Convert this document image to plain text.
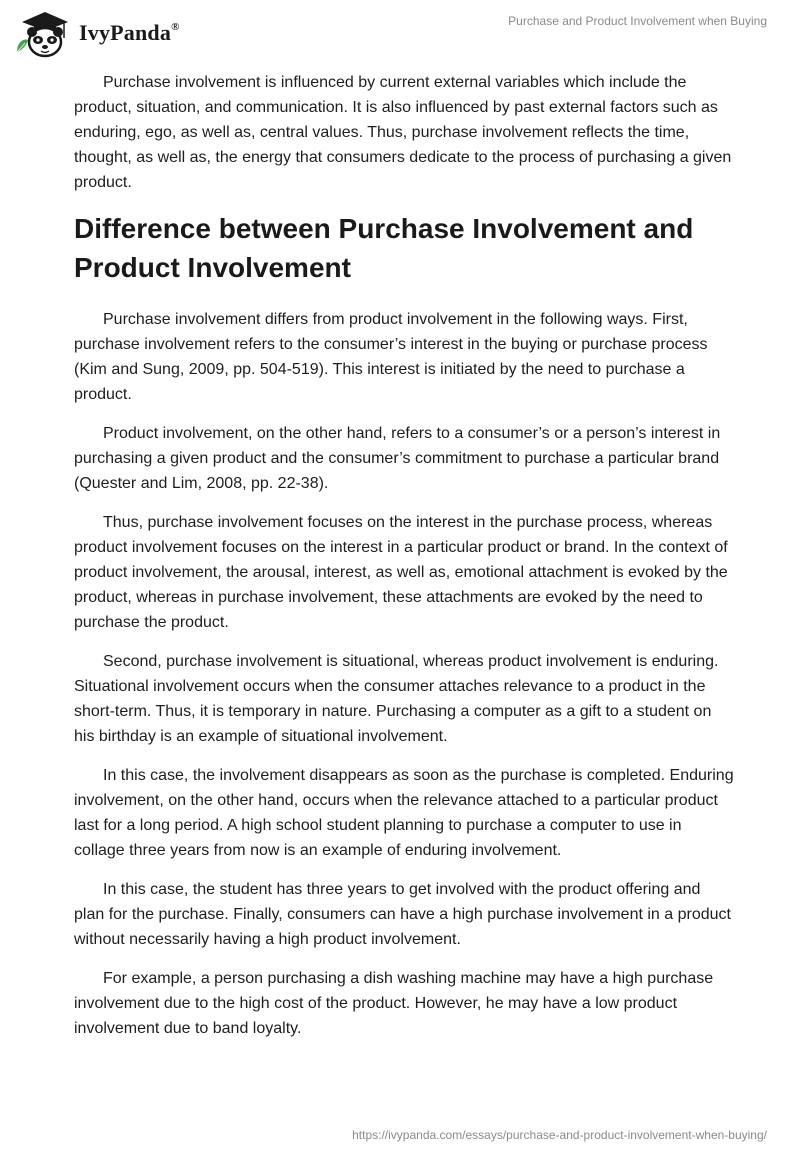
IvyPanda®	Purchase and Product Involvement when Buying

Purchase involvement is influenced by current external variables which include the product, situation, and communication. It is also influenced by past external factors such as enduring, ego, as well as, central values. Thus, purchase involvement reflects the time, thought, as well as, the energy that consumers dedicate to the process of purchasing a given product.

Difference between Purchase Involvement and Product Involvement

Purchase involvement differs from product involvement in the following ways. First, purchase involvement refers to the consumer’s interest in the buying or purchase process (Kim and Sung, 2009, pp. 504-519). This interest is initiated by the need to purchase a product.

Product involvement, on the other hand, refers to a consumer’s or a person’s interest in purchasing a given product and the consumer’s commitment to purchase a particular brand (Quester and Lim, 2008, pp. 22-38).

Thus, purchase involvement focuses on the interest in the purchase process, whereas product involvement focuses on the interest in a particular product or brand. In the context of product involvement, the arousal, interest, as well as, emotional attachment is evoked by the product, whereas in purchase involvement, these attachments are evoked by the need to purchase the product.

Second, purchase involvement is situational, whereas product involvement is enduring. Situational involvement occurs when the consumer attaches relevance to a product in the short-term. Thus, it is temporary in nature. Purchasing a computer as a gift to a student on his birthday is an example of situational involvement.

In this case, the involvement disappears as soon as the purchase is completed. Enduring involvement, on the other hand, occurs when the relevance attached to a particular product last for a long period. A high school student planning to purchase a computer to use in collage three years from now is an example of enduring involvement.

In this case, the student has three years to get involved with the product offering and plan for the purchase. Finally, consumers can have a high purchase involvement in a product without necessarily having a high product involvement.

For example, a person purchasing a dish washing machine may have a high purchase involvement due to the high cost of the product. However, he may have a low product involvement due to band loyalty.

https://ivypanda.com/essays/purchase-and-product-involvement-when-buying/
